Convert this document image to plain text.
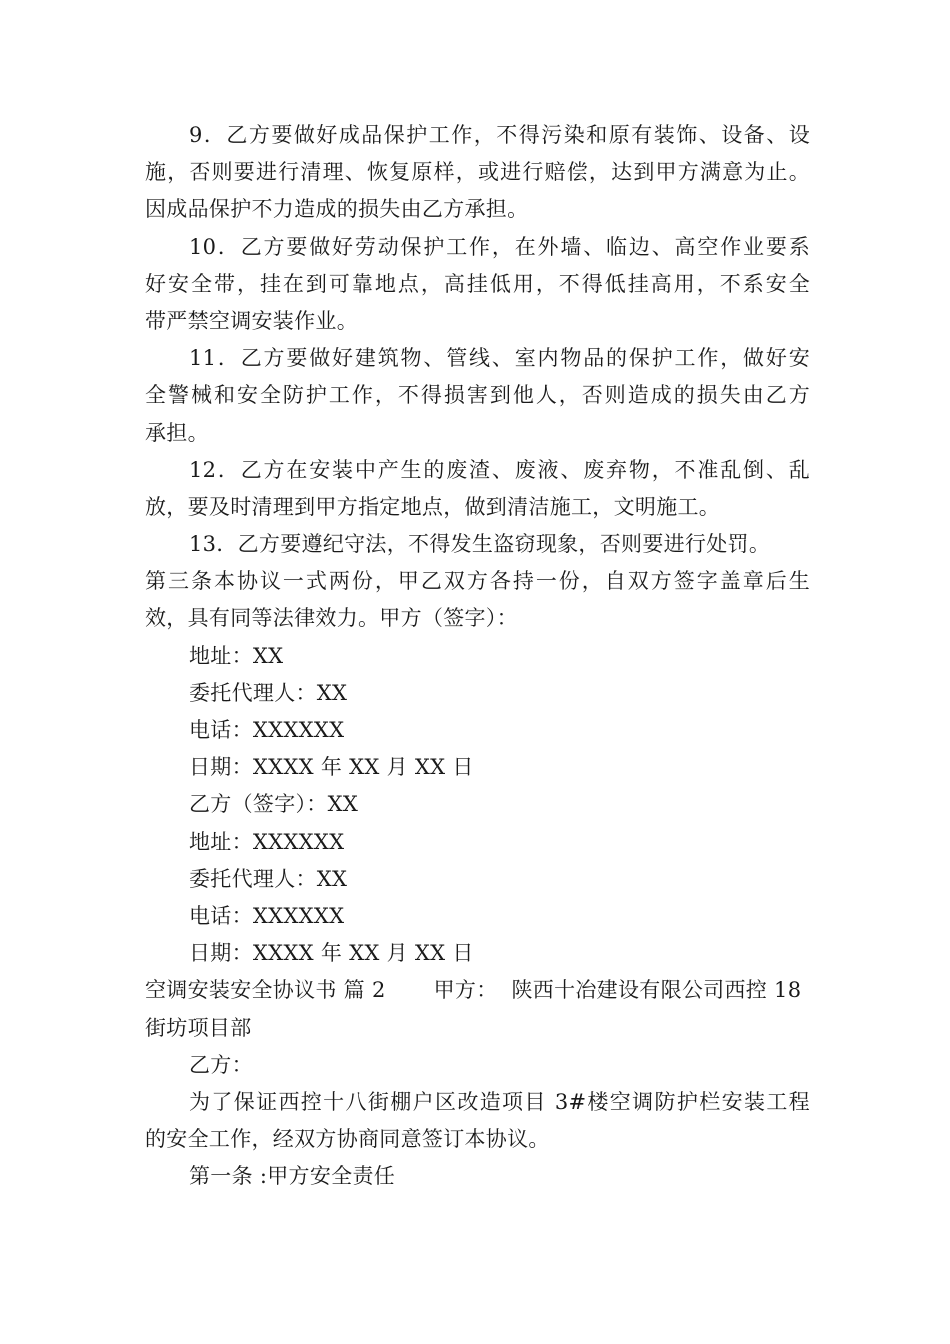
9．乙方要做好成品保护工作，不得污染和原有装饰、设备、设
施，否则要进行清理、恢复原样，或进行赔偿，达到甲方满意为止。
因成品保护不力造成的损失由乙方承担。
10．乙方要做好劳动保护工作，在外墙、临边、高空作业要系
好安全带，挂在到可靠地点，高挂低用，不得低挂高用，不系安全
带严禁空调安装作业。
11．乙方要做好建筑物、管线、室内物品的保护工作，做好安
全警械和安全防护工作，不得损害到他人，否则造成的损失由乙方
承担。
12．乙方在安装中产生的废渣、废液、废弃物，不准乱倒、乱
放，要及时清理到甲方指定地点，做到清洁施工，文明施工。
13．乙方要遵纪守法，不得发生盗窃现象，否则要进行处罚。
第三条本协议一式两份，甲乙双方各持一份，自双方签字盖章后生
效，具有同等法律效力。甲方（签字）：
地址：XX
委托代理人：XX
电话：XXXXXX
日期：XXXX 年 XX 月 XX 日
乙方（签字）：XX
地址：XXXXXX
委托代理人：XX
电话：XXXXXX
日期：XXXX 年 XX 月 XX 日
空调安装安全协议书 篇 2 甲方： 陕西十冶建设有限公司西控 18
街坊项目部
乙方：
为了保证西控十八街棚户区改造项目 3#楼空调防护栏安装工程
的安全工作，经双方协商同意签订本协议。
第一条 :甲方安全责任
